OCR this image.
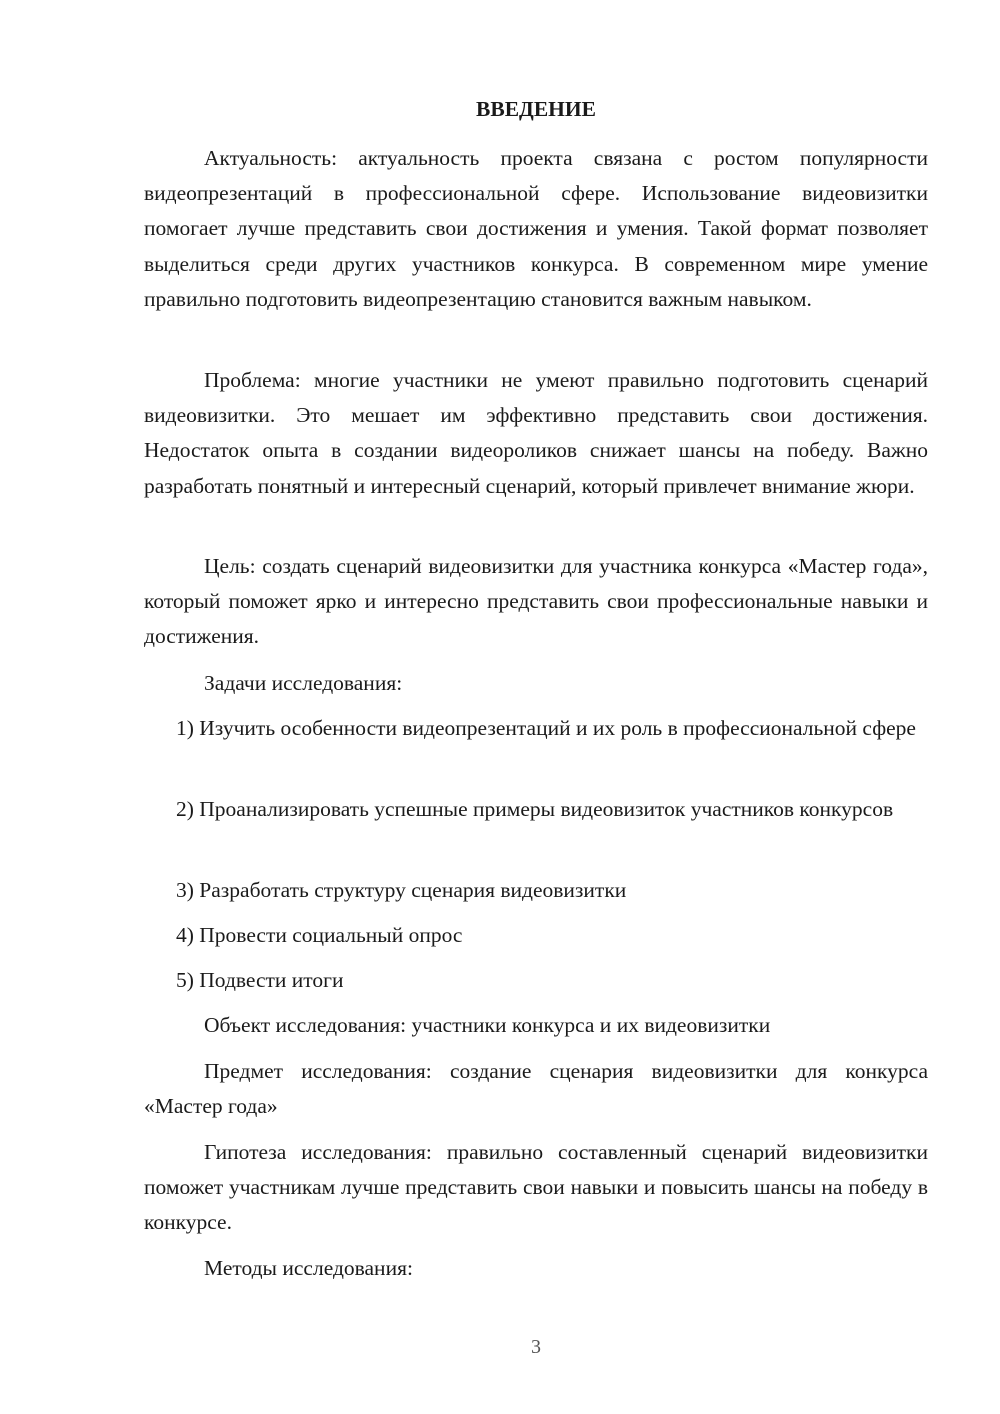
ВВЕДЕНИЕ

Актуальность: актуальность проекта связана с ростом популярности видеопрезентаций в профессиональной сфере. Использование видеовизитки помогает лучше представить свои достижения и умения. Такой формат позволяет выделиться среди других участников конкурса. В современном мире умение правильно подготовить видеопрезентацию становится важным навыком.

Проблема: многие участники не умеют правильно подготовить сценарий видеовизитки. Это мешает им эффективно представить свои достижения. Недостаток опыта в создании видеороликов снижает шансы на победу. Важно разработать понятный и интересный сценарий, который привлечет внимание жюри.

Цель: создать сценарий видеовизитки для участника конкурса «Мастер года», который поможет ярко и интересно представить свои профессиональные навыки и достижения.

Задачи исследования:

1) Изучить особенности видеопрезентаций и их роль в профессиональной сфере

2) Проанализировать успешные примеры видеовизиток участников конкурсов

3) Разработать структуру сценария видеовизитки

4) Провести социальный опрос

5) Подвести итоги

Объект исследования: участники конкурса и их видеовизитки

Предмет исследования: создание сценария видеовизитки для конкурса «Мастер года»

Гипотеза исследования: правильно составленный сценарий видеовизитки поможет участникам лучше представить свои навыки и повысить шансы на победу в конкурсе.

Методы исследования:

3
